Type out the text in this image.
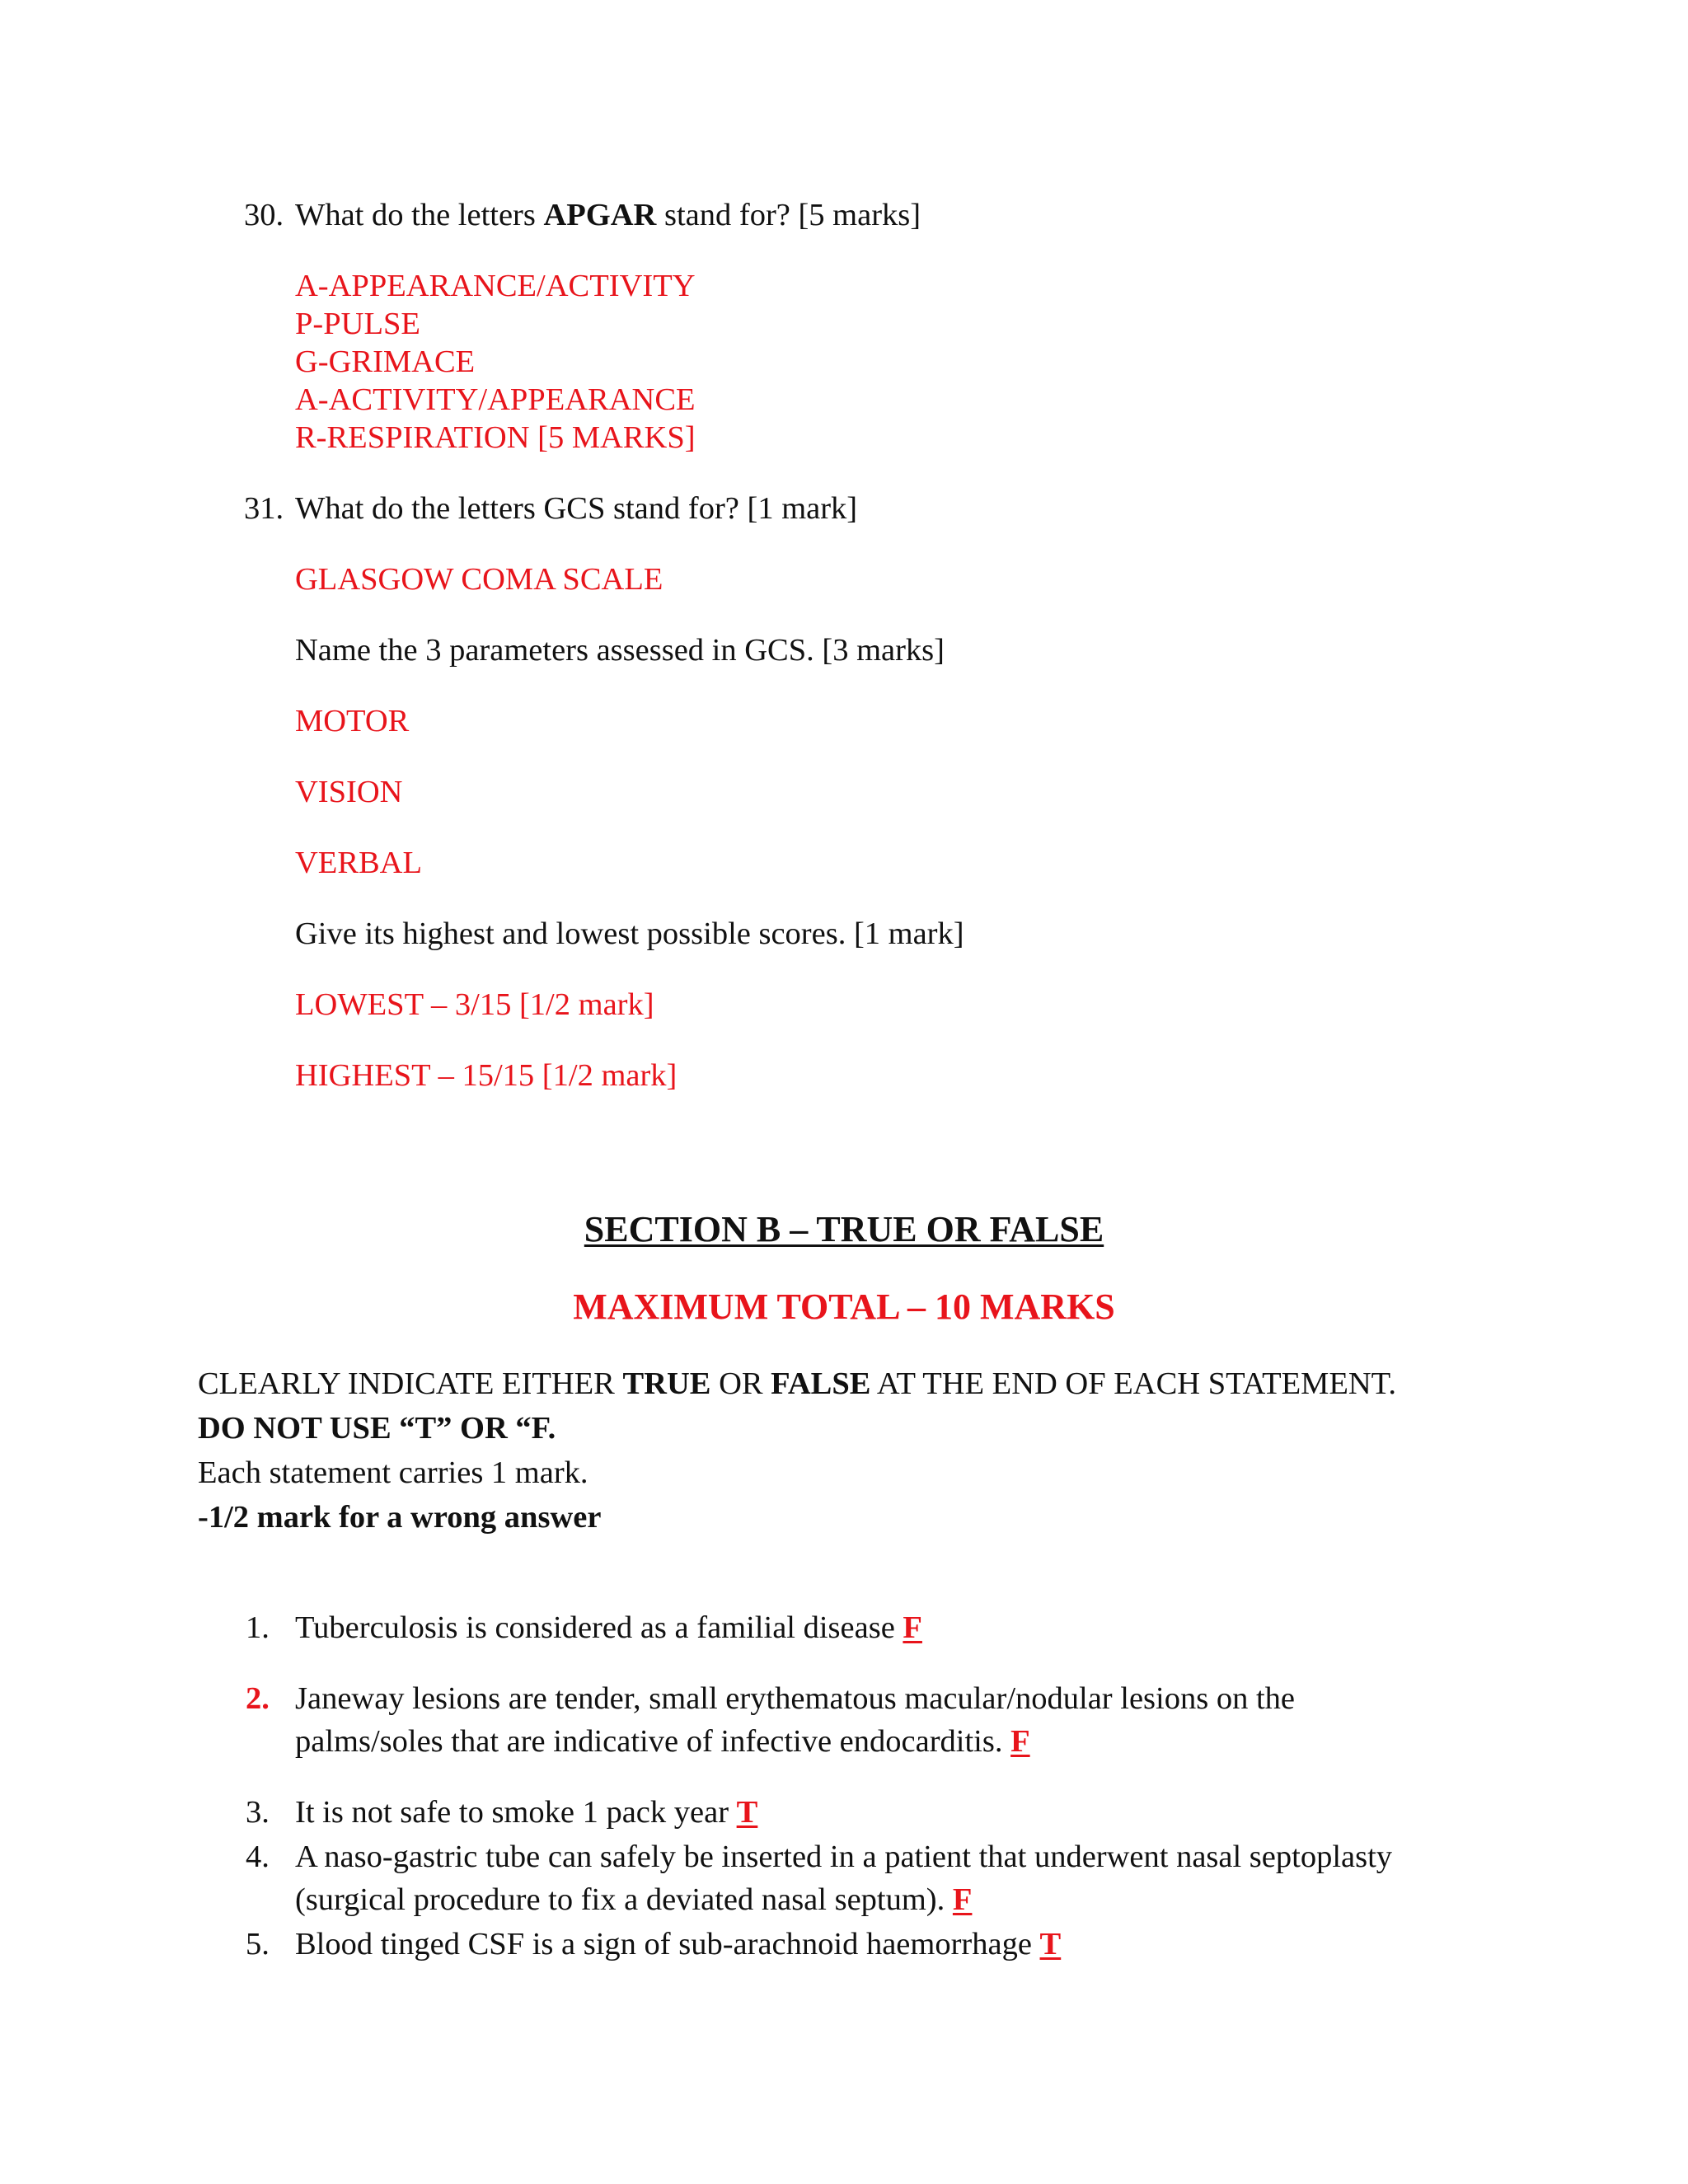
30. What do the letters APGAR stand for? [5 marks]
A-APPEARANCE/ACTIVITY
P-PULSE
G-GRIMACE
A-ACTIVITY/APPEARANCE
R-RESPIRATION [5 MARKS]
31. What do the letters GCS stand for? [1 mark]
GLASGOW COMA SCALE
Name the 3 parameters assessed in GCS. [3 marks]
MOTOR
VISION
VERBAL
Give its highest and lowest possible scores. [1 mark]
LOWEST – 3/15 [1/2 mark]
HIGHEST – 15/15 [1/2 mark]
SECTION B – TRUE OR FALSE
MAXIMUM TOTAL – 10 MARKS
CLEARLY INDICATE EITHER TRUE OR FALSE AT THE END OF EACH STATEMENT.
DO NOT USE “T” OR “F.
Each statement carries 1 mark.
-1/2 mark for a wrong answer
1. Tuberculosis is considered as a familial disease F
2. Janeway lesions are tender, small erythematous macular/nodular lesions on the
palms/soles that are indicative of infective endocarditis. F
3. It is not safe to smoke 1 pack year T
4. A naso-gastric tube can safely be inserted in a patient that underwent nasal septoplasty
(surgical procedure to fix a deviated nasal septum). F
5. Blood tinged CSF is a sign of sub-arachnoid haemorrhage T
